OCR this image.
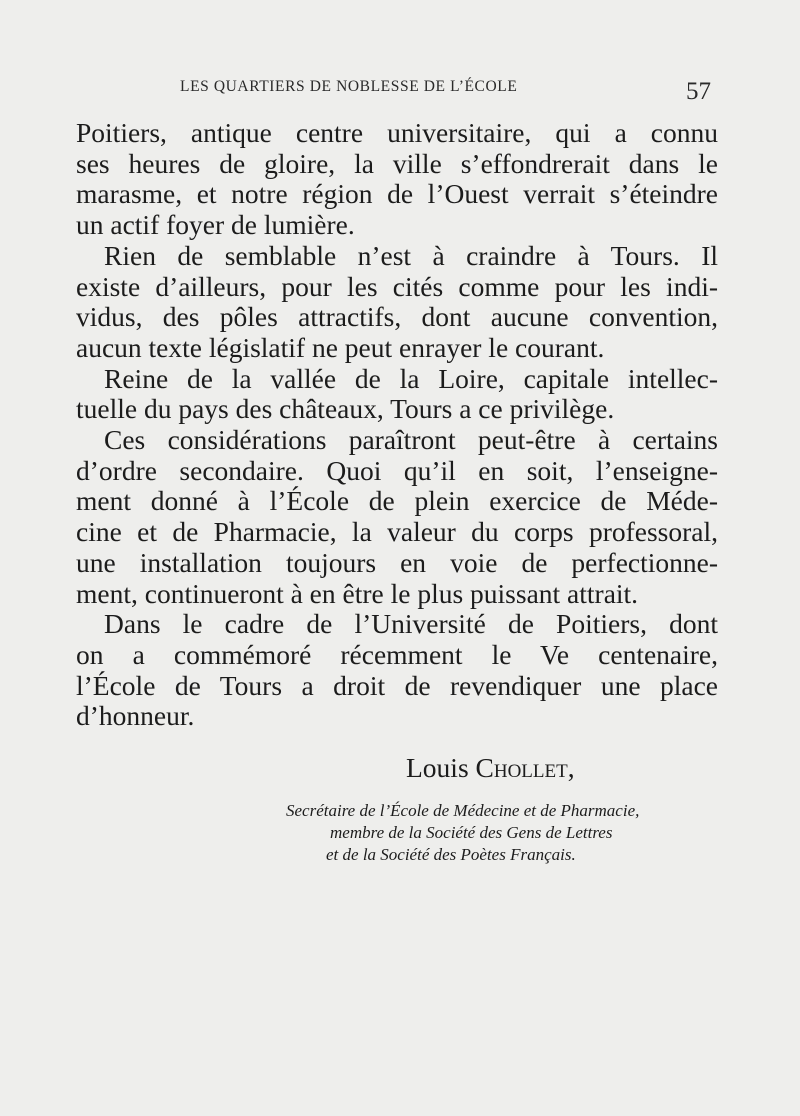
LES QUARTIERS DE NOBLESSE DE L’ÉCOLE	57
Poitiers, antique centre universitaire, qui a connu
ses heures de gloire, la ville s’effondrerait dans le
marasme, et notre région de l’Ouest verrait s’éteindre
un actif foyer de lumière.
Rien de semblable n’est à craindre à Tours. Il
existe d’ailleurs, pour les cités comme pour les indi-
vidus, des pôles attractifs, dont aucune convention,
aucun texte législatif ne peut enrayer le courant.
Reine de la vallée de la Loire, capitale intellec-
tuelle du pays des châteaux, Tours a ce privilège.
Ces considérations paraîtront peut-être à certains
d’ordre secondaire. Quoi qu’il en soit, l’enseigne-
ment donné à l’École de plein exercice de Méde-
cine et de Pharmacie, la valeur du corps professoral,
une installation toujours en voie de perfectionne-
ment, continueront à en être le plus puissant attrait.
Dans le cadre de l’Université de Poitiers, dont
on a commémoré récemment le Ve centenaire,
l’École de Tours a droit de revendiquer une place
d’honneur.
Louis Chollet,
Secrétaire de l’École de Médecine et de Pharmacie,
membre de la Société des Gens de Lettres
et de la Société des Poètes Français.
